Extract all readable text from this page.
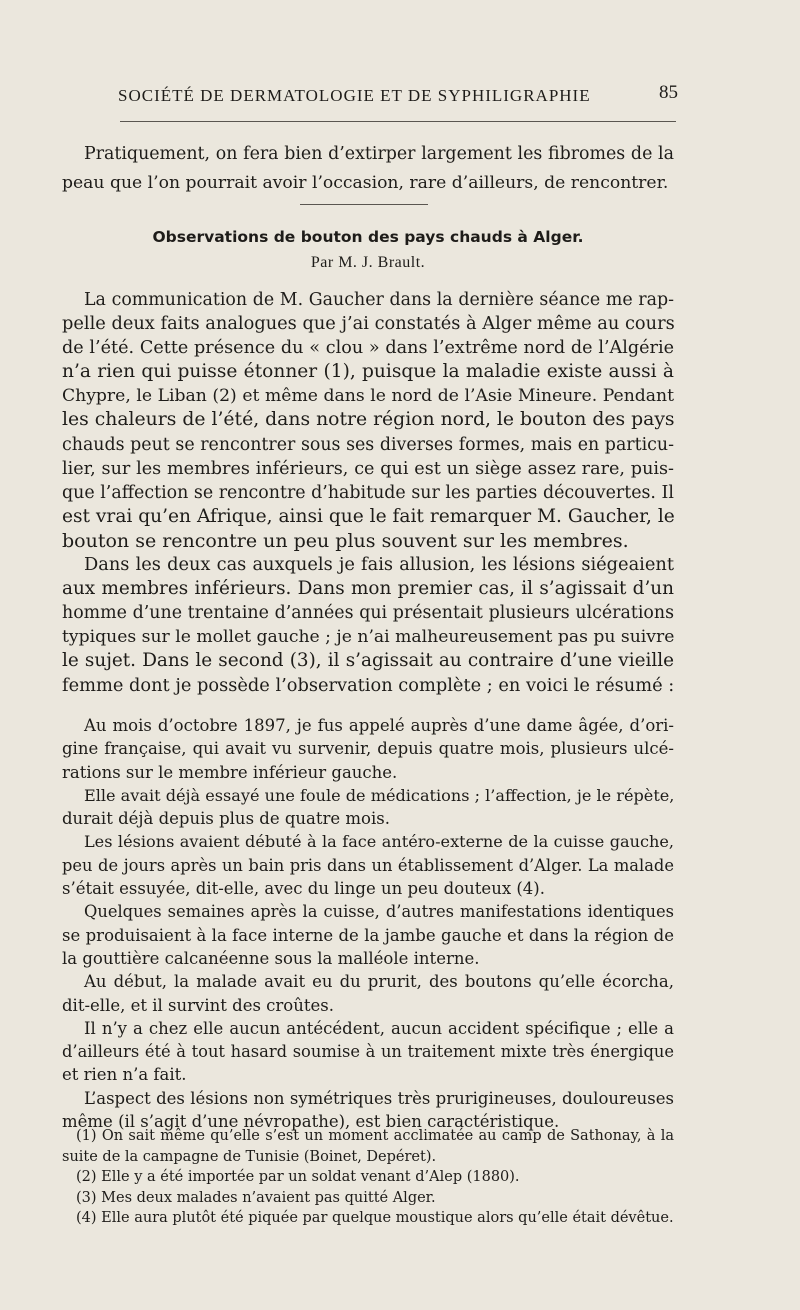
SOCIÉTÉ DE DERMATOLOGIE ET DE SYPHILIGRAPHIE	85
Pratiquement, on fera bien d’extirper largement les fibromes de la
peau que l’on pourrait avoir l’occasion, rare d’ailleurs, de rencontrer.
Observations de bouton des pays chauds à Alger.
Par M. J. Brault.
La communication de M. Gaucher dans la dernière séance me rap-
pelle deux faits analogues que j’ai constatés à Alger même au cours
de l’été. Cette présence du « clou » dans l’extrême nord de l’Algérie
n’a rien qui puisse étonner (1), puisque la maladie existe aussi à
Chypre, le Liban (2) et même dans le nord de l’Asie Mineure. Pendant
les chaleurs de l’été, dans notre région nord, le bouton des pays
chauds peut se rencontrer sous ses diverses formes, mais en particu-
lier, sur les membres inférieurs, ce qui est un siège assez rare, puis-
que l’affection se rencontre d’habitude sur les parties découvertes. Il
est vrai qu’en Afrique, ainsi que le fait remarquer M. Gaucher, le
bouton se rencontre un peu plus souvent sur les membres.
Dans les deux cas auxquels je fais allusion, les lésions siégeaient
aux membres inférieurs. Dans mon premier cas, il s’agissait d’un
homme d’une trentaine d’années qui présentait plusieurs ulcérations
typiques sur le mollet gauche ; je n’ai malheureusement pas pu suivre
le sujet. Dans le second (3), il s’agissait au contraire d’une vieille
femme dont je possède l’observation complète ; en voici le résumé :
Au mois d’octobre 1897, je fus appelé auprès d’une dame âgée, d’ori-
gine française, qui avait vu survenir, depuis quatre mois, plusieurs ulcé-
rations sur le membre inférieur gauche.
Elle avait déjà essayé une foule de médications ; l’affection, je le répète,
durait déjà depuis plus de quatre mois.
Les lésions avaient débuté à la face antéro-externe de la cuisse gauche,
peu de jours après un bain pris dans un établissement d’Alger. La malade
s’était essuyée, dit-elle, avec du linge un peu douteux (4).
Quelques semaines après la cuisse, d’autres manifestations identiques
se produisaient à la face interne de la jambe gauche et dans la région de
la gouttière calcanéenne sous la malléole interne.
Au début, la malade avait eu du prurit, des boutons qu’elle écorcha,
dit-elle, et il survint des croûtes.
Il n’y a chez elle aucun antécédent, aucun accident spécifique ; elle a
d’ailleurs été à tout hasard soumise à un traitement mixte très énergique
et rien n’a fait.
L’aspect des lésions non symétriques très prurigineuses, douloureuses
même (il s’agit d’une névropathe), est bien caractéristique.
(1) On sait même qu’elle s’est un moment acclimatée au camp de Sathonay, à la
suite de la campagne de Tunisie (Boinet, Depéret).
(2) Elle y a été importée par un soldat venant d’Alep (1880).
(3) Mes deux malades n’avaient pas quitté Alger.
(4) Elle aura plutôt été piquée par quelque moustique alors qu’elle était dévêtue.
